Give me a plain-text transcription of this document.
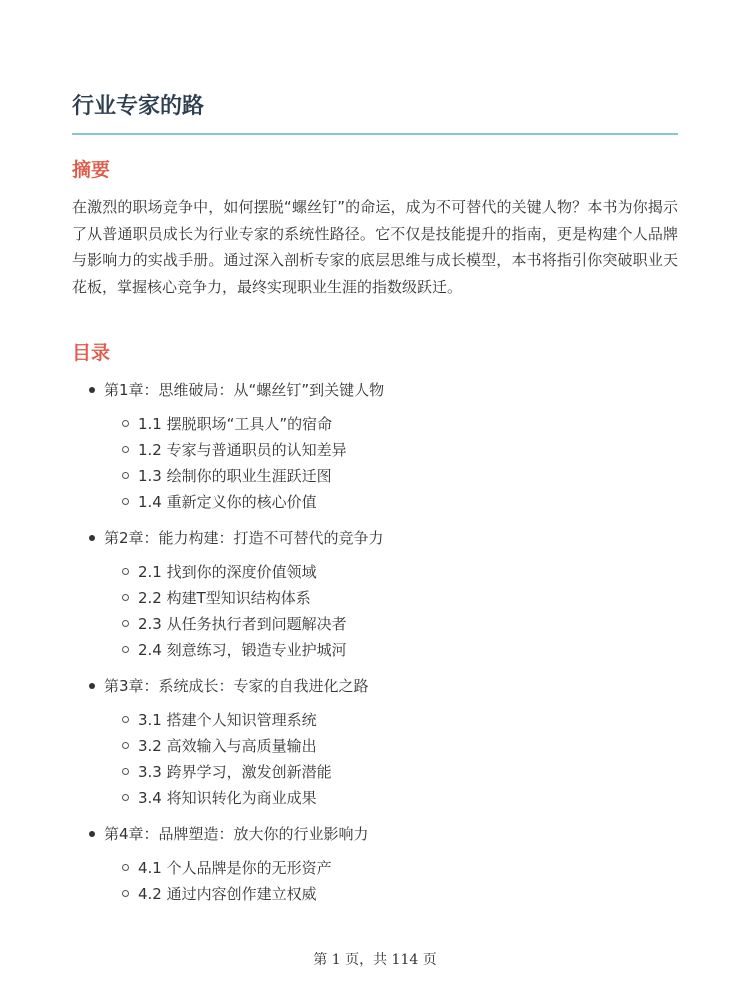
行业专家的路
摘要

在激烈的职场竞争中，如何摆脱“螺丝钉”的命运，成为不可替代的关键人物？本书为你揭示了从普通职员成长为行业专家的系统性路径。它不仅是技能提升的指南，更是构建个人品牌与影响力的实战手册。通过深入剖析专家的底层思维与成长模型，本书将指引你突破职业天花板，掌握核心竞争力，最终实现职业生涯的指数级跃迁。

目录
第1章：思维破局：从“螺丝钉”到关键人物
1.1 摆脱职场“工具人”的宿命
1.2 专家与普通职员的认知差异
1.3 绘制你的职业生涯跃迁图
1.4 重新定义你的核心价值
第2章：能力构建：打造不可替代的竞争力
2.1 找到你的深度价值领域
2.2 构建T型知识结构体系
2.3 从任务执行者到问题解决者
2.4 刻意练习，锻造专业护城河
第3章：系统成长：专家的自我进化之路
3.1 搭建个人知识管理系统
3.2 高效输入与高质量输出
3.3 跨界学习，激发创新潜能
3.4 将知识转化为商业成果
第4章：品牌塑造：放大你的行业影响力
4.1 个人品牌是你的无形资产
4.2 通过内容创作建立权威
第 1 页，共 114 页
